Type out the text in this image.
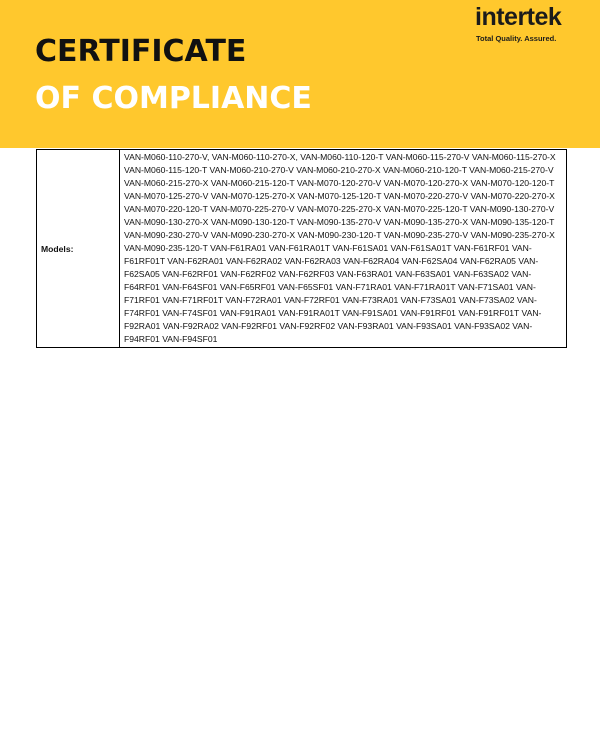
CERTIFICATE
OF COMPLIANCE
intertek
Total Quality. Assured.
Models:	VAN-M060-110-270-V, VAN-M060-110-270-X, VAN-M060-110-120-T VAN-M060-115-270-V VAN-M060-115-270-X VAN-M060-115-120-T VAN-M060-210-270-V VAN-M060-210-270-X VAN-M060-210-120-T VAN-M060-215-270-V VAN-M060-215-270-X VAN-M060-215-120-T VAN-M070-120-270-V VAN-M070-120-270-X VAN-M070-120-120-T VAN-M070-125-270-V VAN-M070-125-270-X VAN-M070-125-120-T VAN-M070-220-270-V VAN-M070-220-270-X VAN-M070-220-120-T VAN-M070-225-270-V VAN-M070-225-270-X VAN-M070-225-120-T VAN-M090-130-270-V VAN-M090-130-270-X VAN-M090-130-120-T VAN-M090-135-270-V VAN-M090-135-270-X VAN-M090-135-120-T VAN-M090-230-270-V VAN-M090-230-270-X VAN-M090-230-120-T VAN-M090-235-270-V VAN-M090-235-270-X VAN-M090-235-120-T VAN-F61RA01 VAN-F61RA01T VAN-F61SA01 VAN-F61SA01T VAN-F61RF01 VAN-F61RF01T VAN-F62RA01 VAN-F62RA02 VAN-F62RA03 VAN-F62RA04 VAN-F62SA04 VAN-F62RA05 VAN-F62SA05 VAN-F62RF01 VAN-F62RF02 VAN-F62RF03 VAN-F63RA01 VAN-F63SA01 VAN-F63SA02 VAN-F64RF01 VAN-F64SF01 VAN-F65RF01 VAN-F65SF01 VAN-F71RA01 VAN-F71RA01T VAN-F71SA01 VAN-F71RF01 VAN-F71RF01T VAN-F72RA01 VAN-F72RF01 VAN-F73RA01 VAN-F73SA01 VAN-F73SA02 VAN-F74RF01 VAN-F74SF01 VAN-F91RA01 VAN-F91RA01T VAN-F91SA01 VAN-F91RF01 VAN-F91RF01T VAN-F92RA01 VAN-F92RA02 VAN-F92RF01 VAN-F92RF02 VAN-F93RA01 VAN-F93SA01 VAN-F93SA02 VAN-F94RF01 VAN-F94SF01
